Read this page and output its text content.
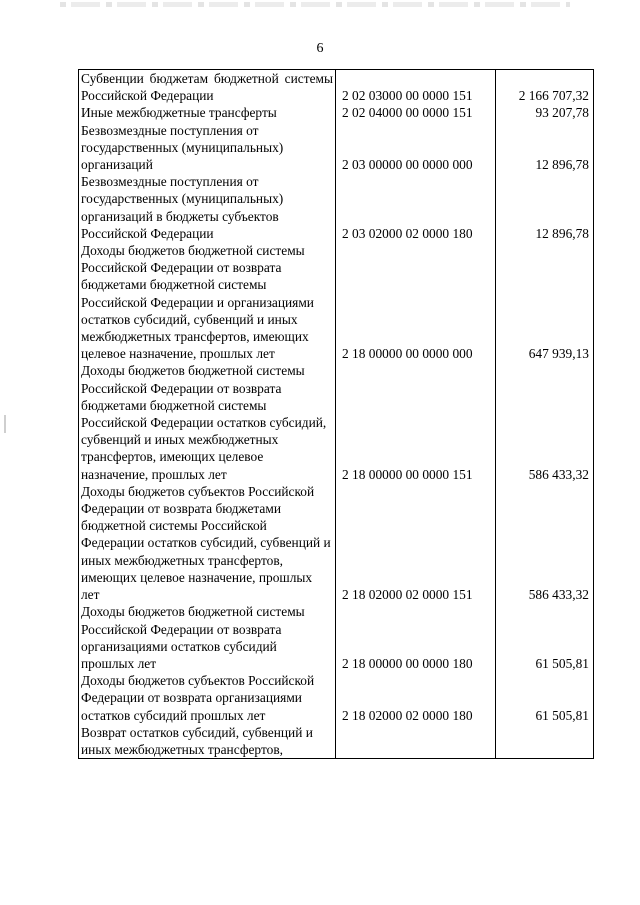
6
Субвенции бюджетам бюджетной системы Российской Федерации	2 02 03000 00 0000 151	2 166 707,32
Иные межбюджетные трансферты	2 02 04000 00 0000 151	93 207,78
Безвозмездные поступления от государственных (муниципальных) организаций	2 03 00000 00 0000 000	12 896,78
Безвозмездные поступления от государственных (муниципальных) организаций в бюджеты субъектов Российской Федерации	2 03 02000 02 0000 180	12 896,78
Доходы бюджетов бюджетной системы Российской Федерации от возврата бюджетами бюджетной системы Российской Федерации и организациями остатков субсидий, субвенций и иных межбюджетных трансфертов, имеющих целевое назначение, прошлых лет	2 18 00000 00 0000 000	647 939,13
Доходы бюджетов бюджетной системы Российской Федерации от возврата бюджетами бюджетной системы Российской Федерации остатков субсидий, субвенций и иных межбюджетных трансфертов, имеющих целевое назначение, прошлых лет	2 18 00000 00 0000 151	586 433,32
Доходы бюджетов субъектов Российской Федерации от возврата бюджетами бюджетной системы Российской Федерации остатков субсидий, субвенций и иных межбюджетных трансфертов, имеющих целевое назначение, прошлых лет	2 18 02000 02 0000 151	586 433,32
Доходы бюджетов бюджетной системы Российской Федерации от возврата организациями остатков субсидий прошлых лет	2 18 00000 00 0000 180	61 505,81
Доходы бюджетов субъектов Российской Федерации от возврата организациями остатков субсидий прошлых лет	2 18 02000 02 0000 180	61 505,81
Возврат остатков субсидий, субвенций и иных межбюджетных трансфертов,		
